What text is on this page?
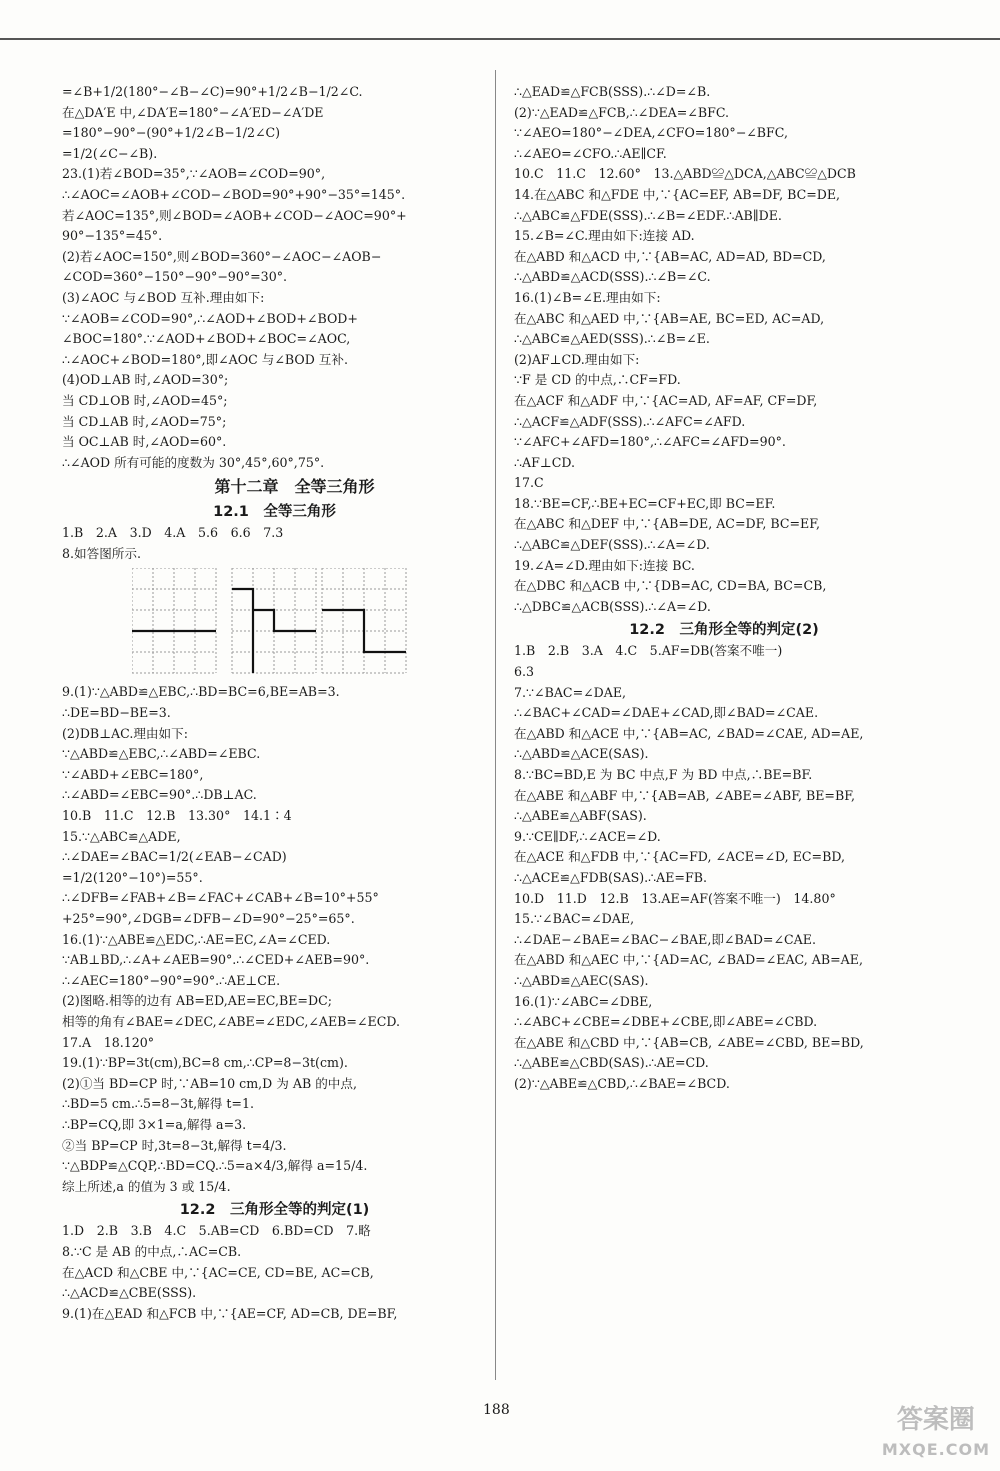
=∠B+1/2(180°−∠B−∠C)=90°+1/2∠B−1/2∠C.
在△DA′E 中,∠DA′E=180°−∠A′ED−∠A′DE
=180°−90°−(90°+1/2∠B−1/2∠C)
=1/2(∠C−∠B).
23.(1)若∠BOD=35°,∵∠AOB=∠COD=90°,
∴∠AOC=∠AOB+∠COD−∠BOD=90°+90°−35°=145°.
若∠AOC=135°,则∠BOD=∠AOB+∠COD−∠AOC=90°+
90°−135°=45°.
(2)若∠AOC=150°,则∠BOD=360°−∠AOC−∠AOB−
∠COD=360°−150°−90°−90°=30°.
(3)∠AOC 与∠BOD 互补.理由如下:
∵∠AOB=∠COD=90°,∴∠AOD+∠BOD+∠BOD+
∠BOC=180°.∵∠AOD+∠BOD+∠BOC=∠AOC,
∴∠AOC+∠BOD=180°,即∠AOC 与∠BOD 互补.
(4)OD⊥AB 时,∠AOD=30°;
当 CD⊥OB 时,∠AOD=45°;
当 CD⊥AB 时,∠AOD=75°;
当 OC⊥AB 时,∠AOD=60°.
∴∠AOD 所有可能的度数为 30°,45°,60°,75°.
第十二章　全等三角形
12.1　全等三角形
1.B　2.A　3.D　4.A　5.6　6.6　7.3
8.如答图所示.
9.(1)∵△ABD≌△EBC,∴BD=BC=6,BE=AB=3.
∴DE=BD−BE=3.
(2)DB⊥AC.理由如下:
∵△ABD≌△EBC,∴∠ABD=∠EBC.
∵∠ABD+∠EBC=180°,
∴∠ABD=∠EBC=90°.∴DB⊥AC.
10.B　11.C　12.B　13.30°　14.1∶4
15.∵△ABC≌△ADE,
∴∠DAE=∠BAC=1/2(∠EAB−∠CAD)
=1/2(120°−10°)=55°.
∴∠DFB=∠FAB+∠B=∠FAC+∠CAB+∠B=10°+55°
+25°=90°,∠DGB=∠DFB−∠D=90°−25°=65°.
16.(1)∵△ABE≌△EDC,∴AE=EC,∠A=∠CED.
∵AB⊥BD,∴∠A+∠AEB=90°.∴∠CED+∠AEB=90°.
∴∠AEC=180°−90°=90°.∴AE⊥CE.
(2)图略.相等的边有 AB=ED,AE=EC,BE=DC;
相等的角有∠BAE=∠DEC,∠ABE=∠EDC,∠AEB=∠ECD.
17.A　18.120°
19.(1)∵BP=3t(cm),BC=8 cm,∴CP=8−3t(cm).
(2)①当 BD=CP 时,∵AB=10 cm,D 为 AB 的中点,
∴BD=5 cm.∴5=8−3t,解得 t=1.
∴BP=CQ,即 3×1=a,解得 a=3.
②当 BP=CP 时,3t=8−3t,解得 t=4/3.
∵△BDP≌△CQP,∴BD=CQ.∴5=a×4/3,解得 a=15/4.
综上所述,a 的值为 3 或 15/4.
12.2　三角形全等的判定(1)
1.D　2.B　3.B　4.C　5.AB=CD　6.BD=CD　7.略
8.∵C 是 AB 的中点,∴AC=CB.
在△ACD 和△CBE 中,∵{AC=CE, CD=BE, AC=CB,
∴△ACD≌△CBE(SSS).
9.(1)在△EAD 和△FCB 中,∵{AE=CF, AD=CB, DE=BF,
∴△EAD≌△FCB(SSS).∴∠D=∠B.
(2)∵△EAD≌△FCB,∴∠DEA=∠BFC.
∵∠AEO=180°−∠DEA,∠CFO=180°−∠BFC,
∴∠AEO=∠CFO.∴AE∥CF.
10.C　11.C　12.60°　13.△ABD≌△DCA,△ABC≌△DCB
14.在△ABC 和△FDE 中,∵{AC=EF, AB=DF, BC=DE,
∴△ABC≌△FDE(SSS).∴∠B=∠EDF.∴AB∥DE.
15.∠B=∠C.理由如下:连接 AD.
在△ABD 和△ACD 中,∵{AB=AC, AD=AD, BD=CD,
∴△ABD≌△ACD(SSS).∴∠B=∠C.
16.(1)∠B=∠E.理由如下:
在△ABC 和△AED 中,∵{AB=AE, BC=ED, AC=AD,
∴△ABC≌△AED(SSS).∴∠B=∠E.
(2)AF⊥CD.理由如下:
∵F 是 CD 的中点,∴CF=FD.
在△ACF 和△ADF 中,∵{AC=AD, AF=AF, CF=DF,
∴△ACF≌△ADF(SSS).∴∠AFC=∠AFD.
∵∠AFC+∠AFD=180°,∴∠AFC=∠AFD=90°.
∴AF⊥CD.
17.C
18.∵BE=CF,∴BE+EC=CF+EC,即 BC=EF.
在△ABC 和△DEF 中,∵{AB=DE, AC=DF, BC=EF,
∴△ABC≌△DEF(SSS).∴∠A=∠D.
19.∠A=∠D.理由如下:连接 BC.
在△DBC 和△ACB 中,∵{DB=AC, CD=BA, BC=CB,
∴△DBC≌△ACB(SSS).∴∠A=∠D.
12.2　三角形全等的判定(2)
1.B　2.B　3.A　4.C　5.AF=DB(答案不唯一)
6.3
7.∵∠BAC=∠DAE,
∴∠BAC+∠CAD=∠DAE+∠CAD,即∠BAD=∠CAE.
在△ABD 和△ACE 中,∵{AB=AC, ∠BAD=∠CAE, AD=AE,
∴△ABD≌△ACE(SAS).
8.∵BC=BD,E 为 BC 中点,F 为 BD 中点,∴BE=BF.
在△ABE 和△ABF 中,∵{AB=AB, ∠ABE=∠ABF, BE=BF,
∴△ABE≌△ABF(SAS).
9.∵CE∥DF,∴∠ACE=∠D.
在△ACE 和△FDB 中,∵{AC=FD, ∠ACE=∠D, EC=BD,
∴△ACE≌△FDB(SAS).∴AE=FB.
10.D　11.D　12.B　13.AE=AF(答案不唯一)　14.80°
15.∵∠BAC=∠DAE,
∴∠DAE−∠BAE=∠BAC−∠BAE,即∠BAD=∠CAE.
在△ABD 和△AEC 中,∵{AD=AC, ∠BAD=∠EAC, AB=AE,
∴△ABD≌△AEC(SAS).
16.(1)∵∠ABC=∠DBE,
∴∠ABC+∠CBE=∠DBE+∠CBE,即∠ABE=∠CBD.
在△ABE 和△CBD 中,∵{AB=CB, ∠ABE=∠CBD, BE=BD,
∴△ABE≌△CBD(SAS).∴AE=CD.
(2)∵△ABE≌△CBD,∴∠BAE=∠BCD.
188	答案圈
MXQE.COM
